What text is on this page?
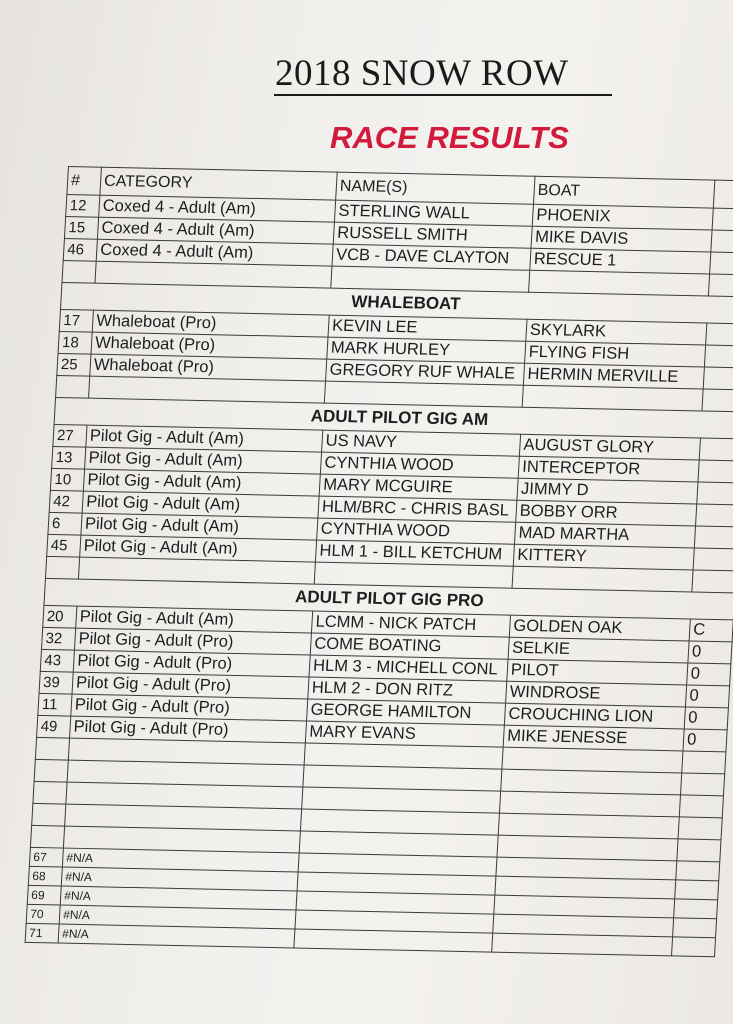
2018 SNOW ROW
RACE RESULTS
#	CATEGORY	NAME(S)	BOAT	
12	Coxed 4 - Adult (Am)	STERLING WALL	PHOENIX	
15	Coxed 4 - Adult (Am)	RUSSELL SMITH	MIKE DAVIS	
46	Coxed 4 - Adult (Am)	VCB - DAVE CLAYTON	RESCUE 1	

WHALEBOAT				
17	Whaleboat (Pro)	KEVIN LEE	SKYLARK	
18	Whaleboat (Pro)	MARK HURLEY	FLYING FISH	
25	Whaleboat (Pro)	GREGORY RUF WHALE	HERMIN MERVILLE	

ADULT PILOT GIG AM				
27	Pilot Gig - Adult (Am)	US NAVY	AUGUST GLORY	
13	Pilot Gig - Adult (Am)	CYNTHIA WOOD	INTERCEPTOR	
10	Pilot Gig - Adult (Am)	MARY MCGUIRE	JIMMY D	
42	Pilot Gig - Adult (Am)	HLM/BRC - CHRIS BASL	BOBBY ORR	
6	Pilot Gig - Adult (Am)	CYNTHIA WOOD	MAD MARTHA	
45	Pilot Gig - Adult (Am)	HLM 1 - BILL KETCHUM	KITTERY	

ADULT PILOT GIG PRO				
20	Pilot Gig - Adult (Am)	LCMM - NICK PATCH	GOLDEN OAK	C
32	Pilot Gig - Adult (Pro)	COME BOATING	SELKIE	0
43	Pilot Gig - Adult (Pro)	HLM 3 - MICHELL CONL	PILOT	0
39	Pilot Gig - Adult (Pro)	HLM 2 - DON RITZ	WINDROSE	0
11	Pilot Gig - Adult (Pro)	GEORGE HAMILTON	CROUCHING LION	0
49	Pilot Gig - Adult (Pro)	MARY EVANS	MIKE JENESSE	0

67	#N/A			
68	#N/A			
69	#N/A			
70	#N/A			
71	#N/A			
